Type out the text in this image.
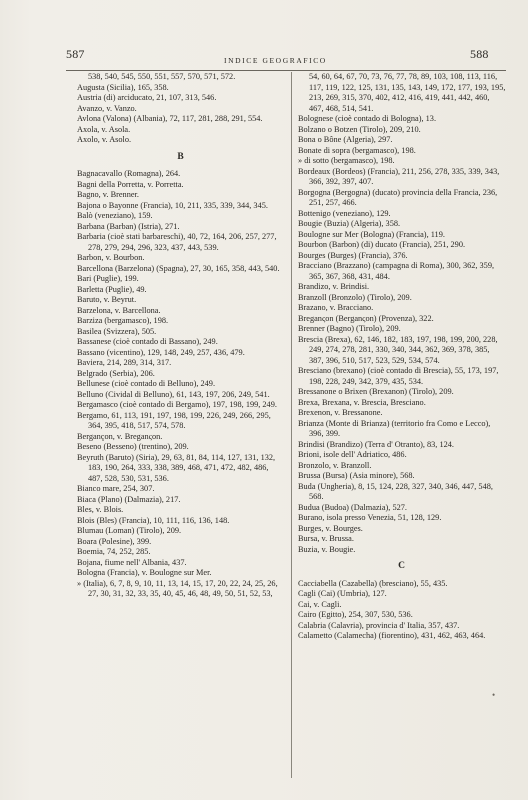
587	INDICE GEOGRAFICO	588

538, 540, 545, 550, 551, 557, 570, 571, 572.

Augusta (Sicilia), 165, 358.

Austria (di) arciducato, 21, 107, 313, 546.

Avanzo, v. Vanzo.

Avlona (Valona) (Albania), 72, 117, 281, 288, 291, 554.

Axola, v. Asola.

Axolo, v. Asolo.

B

Bagnacavallo (Romagna), 264.

Bagni della Porretta, v. Porretta.

Bagno, v. Brenner.

Bajona o Bayonne (Francia), 10, 211, 335, 339, 344, 345.

Balò (veneziano), 159.

Barbana (Barban) (Istria), 271.

Barbaria (cioè stati barbareschi), 40, 72, 164, 206, 257, 277, 278, 279, 294, 296, 323, 437, 443, 539.

Barbon, v. Bourbon.

Barcellona (Barzelona) (Spagna), 27, 30, 165, 358, 443, 540.

Bari (Puglie), 199.

Barletta (Puglie), 49.

Baruto, v. Beyrut.

Barzelona, v. Barcellona.

Barziza (bergamasco), 198.

Basilea (Svizzera), 505.

Bassanese (cioè contado di Bassano), 249.

Bassano (vicentino), 129, 148, 249, 257, 436, 479.

Baviera, 214, 289, 314, 317.

Belgrado (Serbia), 206.

Bellunese (cioè contado di Belluno), 249.

Belluno (Cividal di Belluno), 61, 143, 197, 206, 249, 541.

Bergamasco (cioè contado di Bergamo), 197, 198, 199, 249.

Bergamo, 61, 113, 191, 197, 198, 199, 226, 249, 266, 295, 364, 395, 418, 517, 574, 578.

Bergançon, v. Breganςon.

Beseno (Besseno) (trentino), 209.

Beyruth (Baruto) (Siria), 29, 63, 81, 84, 114, 127, 131, 132, 183, 190, 264, 333, 338, 389, 468, 471, 472, 482, 486, 487, 528, 530, 531, 536.

Bianco mare, 254, 307.

Biaca (Plano) (Dalmazia), 217.

Bles, v. Blois.

Blois (Bles) (Francia), 10, 111, 116, 136, 148.

Blumau (Loman) (Tirolo), 209.

Boara (Polesine), 399.

Boemia, 74, 252, 285.

Bojana, fiume nell' Albania, 437.

Bologna (Francia), v. Boulogne sur Mer.

» (Italia), 6, 7, 8, 9, 10, 11, 13, 14, 15, 17, 20, 22, 24, 25, 26, 27, 30, 31, 32, 33, 35, 40, 45, 46, 48, 49, 50, 51, 52, 53,

54, 60, 64, 67, 70, 73, 76, 77, 78, 89, 103, 108, 113, 116, 117, 119, 122, 125, 131, 135, 143, 149, 172, 177, 193, 195, 213, 269, 315, 370, 402, 412, 416, 419, 441, 442, 460, 467, 468, 514, 541.

Bolognese (cioè contado di Bologna), 13.

Bolzano o Botzen (Tirolo), 209, 210.

Bona o Bône (Algeria), 297.

Bonate di sopra (bergamasco), 198.

» di sotto (bergamasco), 198.

Bordeaux (Bordeos) (Francia), 211, 256, 278, 335, 339, 343, 366, 392, 397, 407.

Borgogna (Bergogna) (ducato) provincia della Francia, 236, 251, 257, 466.

Bottenigo (veneziano), 129.

Bougie (Buzia) (Algeria), 358.

Boulogne sur Mer (Bologna) (Francia), 119.

Bourbon (Barbon) (di) ducato (Francia), 251, 290.

Bourges (Burges) (Francia), 376.

Bracciano (Brazzano) (campagna di Roma), 300, 362, 359, 365, 367, 368, 431, 484.

Brandizo, v. Brindisi.

Branzoll (Bronzolo) (Tirolo), 209.

Brazano, v. Bracciano.

Breganςon (Berganςon) (Provenza), 322.

Brenner (Bagno) (Tirolo), 209.

Brescia (Brexa), 62, 146, 182, 183, 197, 198, 199, 200, 228, 249, 274, 278, 281, 330, 340, 344, 362, 369, 378, 385, 387, 396, 510, 517, 523, 529, 534, 574.

Bresciano (brexano) (cioè contado di Brescia), 55, 173, 197, 198, 228, 249, 342, 379, 435, 534.

Bressanone o Brixen (Brexanon) (Tirolo), 209.

Brexa, Brexana, v. Brescia, Bresciano.

Brexenon, v. Bressanone.

Brianza (Monte di Brianza) (territorio fra Como e Lecco), 396, 399.

Brindisi (Brandizo) (Terra d' Otranto), 83, 124.

Brioni, isole dell' Adriatico, 486.

Bronzolo, v. Branzoll.

Brussa (Bursa) (Asia minore), 568.

Buda (Ungheria), 8, 15, 124, 228, 327, 340, 346, 447, 548, 568.

Budua (Budoa) (Dalmazia), 527.

Burano, isola presso Venezia, 51, 128, 129.

Burges, v. Bourges.

Bursa, v. Brussa.

Buzia, v. Bougie.

C

Cacciabella (Cazabella) (bresciano), 55, 435.

Cagli (Cai) (Umbria), 127.

Cai, v. Cagli.

Cairo (Egitto), 254, 307, 530, 536.

Calabria (Calavria), provincia d' Italia, 357, 437.

Calametto (Calamecha) (fiorentino), 431, 462, 463, 464.

•
